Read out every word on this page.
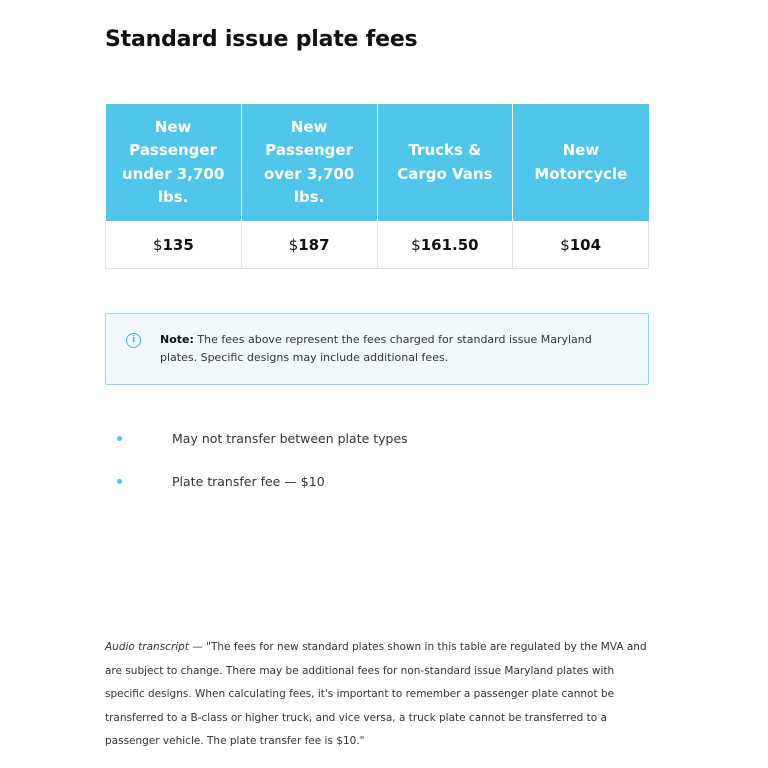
Standard issue plate fees
New Passenger under 3,700 lbs.	New Passenger over 3,700 lbs.	Trucks & Cargo Vans	New Motorcycle
$135	$187	$161.50	$104
i	Note: The fees above represent the fees charged for standard issue Maryland plates. Specific designs may include additional fees.
May not transfer between plate types
Plate transfer fee — $10

Audio transcript — "The fees for new standard plates shown in this table are regulated by the MVA and are subject to change. There may be additional fees for non-standard issue Maryland plates with specific designs. When calculating fees, it's important to remember a passenger plate cannot be transferred to a B-class or higher truck, and vice versa, a truck plate cannot be transferred to a passenger vehicle. The plate transfer fee is $10."
